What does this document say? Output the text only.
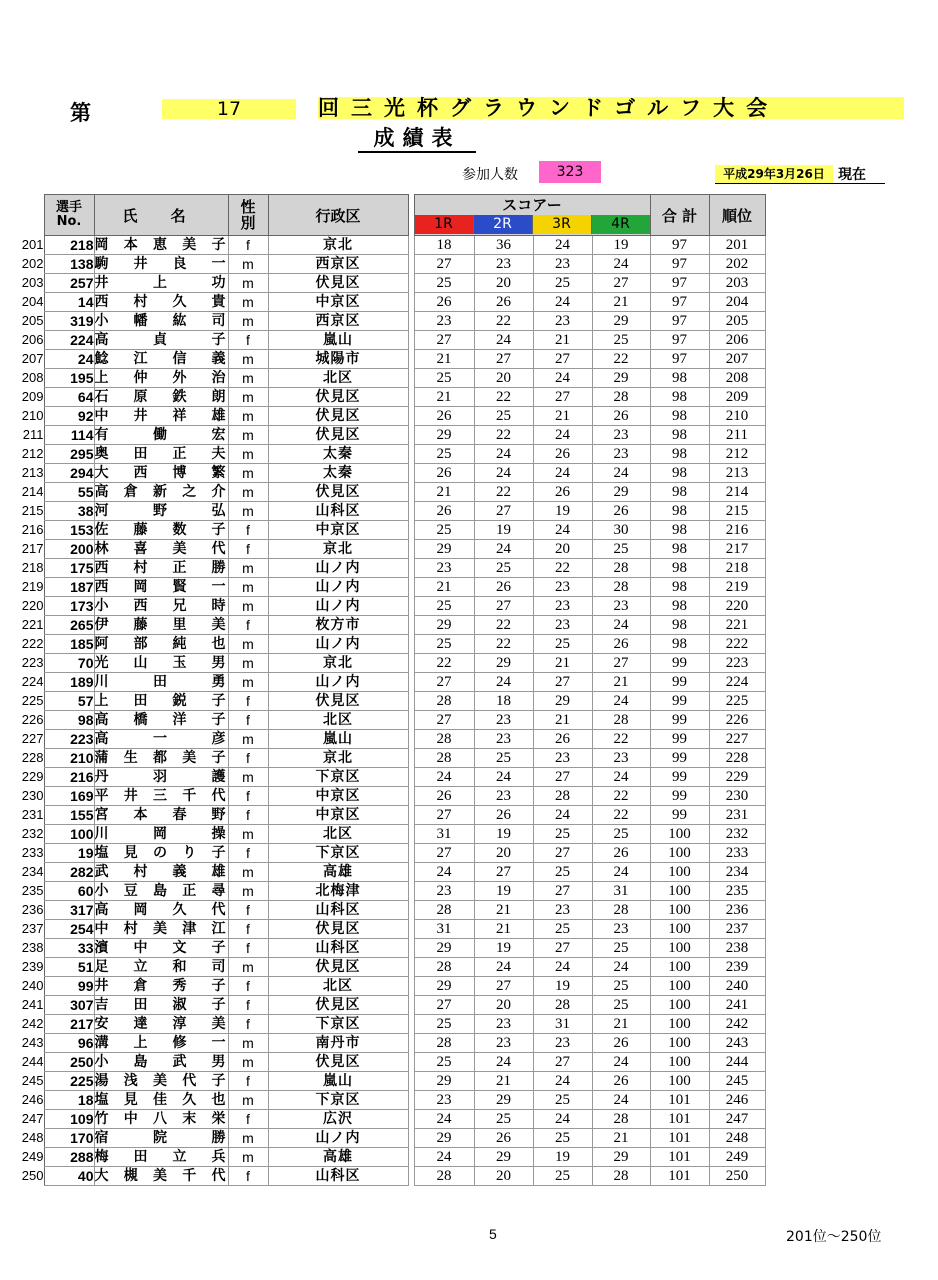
第	17	回三光杯グラウンドゴルフ大会
成績表
参加人数	323	平成29年3月26日 現在

	選手No.	氏 名	性別	行政区		スコアー
1R 2R 3R 4R				合 計	順位
201	218	岡本恵美子	f	京北		18	36	24	19	97	201
202	138	駒井良一	m	西京区		27	23	23	24	97	202
203	257	井上功	m	伏見区		25	20	25	27	97	203
204	14	西村久貴	m	中京区		26	26	24	21	97	204
205	319	小幡紘司	m	西京区		23	22	23	29	97	205
206	224	高貞子	f	嵐山		27	24	21	25	97	206
207	24	鯰江信義	m	城陽市		21	27	27	22	97	207
208	195	上仲外治	m	北区		25	20	24	29	98	208
209	64	石原鉄朗	m	伏見区		21	22	27	28	98	209
210	92	中井祥雄	m	伏見区		26	25	21	26	98	210
211	114	有働宏	m	伏見区		29	22	24	23	98	211
212	295	奥田正夫	m	太秦		25	24	26	23	98	212
213	294	大西博繁	m	太秦		26	24	24	24	98	213
214	55	高倉新之介	m	伏見区		21	22	26	29	98	214
215	38	河野弘	m	山科区		26	27	19	26	98	215
216	153	佐藤数子	f	中京区		25	19	24	30	98	216
217	200	林喜美代	f	京北		29	24	20	25	98	217
218	175	西村正勝	m	山ノ内		23	25	22	28	98	218
219	187	西岡賢一	m	山ノ内		21	26	23	28	98	219
220	173	小西兄時	m	山ノ内		25	27	23	23	98	220
221	265	伊藤里美	f	枚方市		29	22	23	24	98	221
222	185	阿部純也	m	山ノ内		25	22	25	26	98	222
223	70	光山玉男	m	京北		22	29	21	27	99	223
224	189	川田勇	m	山ノ内		27	24	27	21	99	224
225	57	上田鋭子	f	伏見区		28	18	29	24	99	225
226	98	高橋洋子	f	北区		27	23	21	28	99	226
227	223	高一彦	m	嵐山		28	23	26	22	99	227
228	210	蒲生都美子	f	京北		28	25	23	23	99	228
229	216	丹羽護	m	下京区		24	24	27	24	99	229
230	169	平井三千代	f	中京区		26	23	28	22	99	230
231	155	宮本春野	f	中京区		27	26	24	22	99	231
232	100	川岡操	m	北区		31	19	25	25	100	232
233	19	塩見のり子	f	下京区		27	20	27	26	100	233
234	282	武村義雄	m	高雄		24	27	25	24	100	234
235	60	小豆島正尋	m	北梅津		23	19	27	31	100	235
236	317	高岡久代	f	山科区		28	21	23	28	100	236
237	254	中村美津江	f	伏見区		31	21	25	23	100	237
238	33	濱中文子	f	山科区		29	19	27	25	100	238
239	51	足立和司	m	伏見区		28	24	24	24	100	239
240	99	井倉秀子	f	北区		29	27	19	25	100	240
241	307	吉田淑子	f	伏見区		27	20	28	25	100	241
242	217	安達淳美	f	下京区		25	23	31	21	100	242
243	96	溝上修一	m	南丹市		28	23	23	26	100	243
244	250	小島武男	m	伏見区		25	24	27	24	100	244
245	225	湯浅美代子	f	嵐山		29	21	24	26	100	245
246	18	塩見佳久也	m	下京区		23	29	25	24	101	246
247	109	竹中八末栄	f	広沢		24	25	24	28	101	247
248	170	宿院勝	m	山ノ内		29	26	25	21	101	248
249	288	梅田立兵	m	高雄		24	29	19	29	101	249
250	40	大槻美千代	f	山科区		28	20	25	28	101	250
5	201位～250位
